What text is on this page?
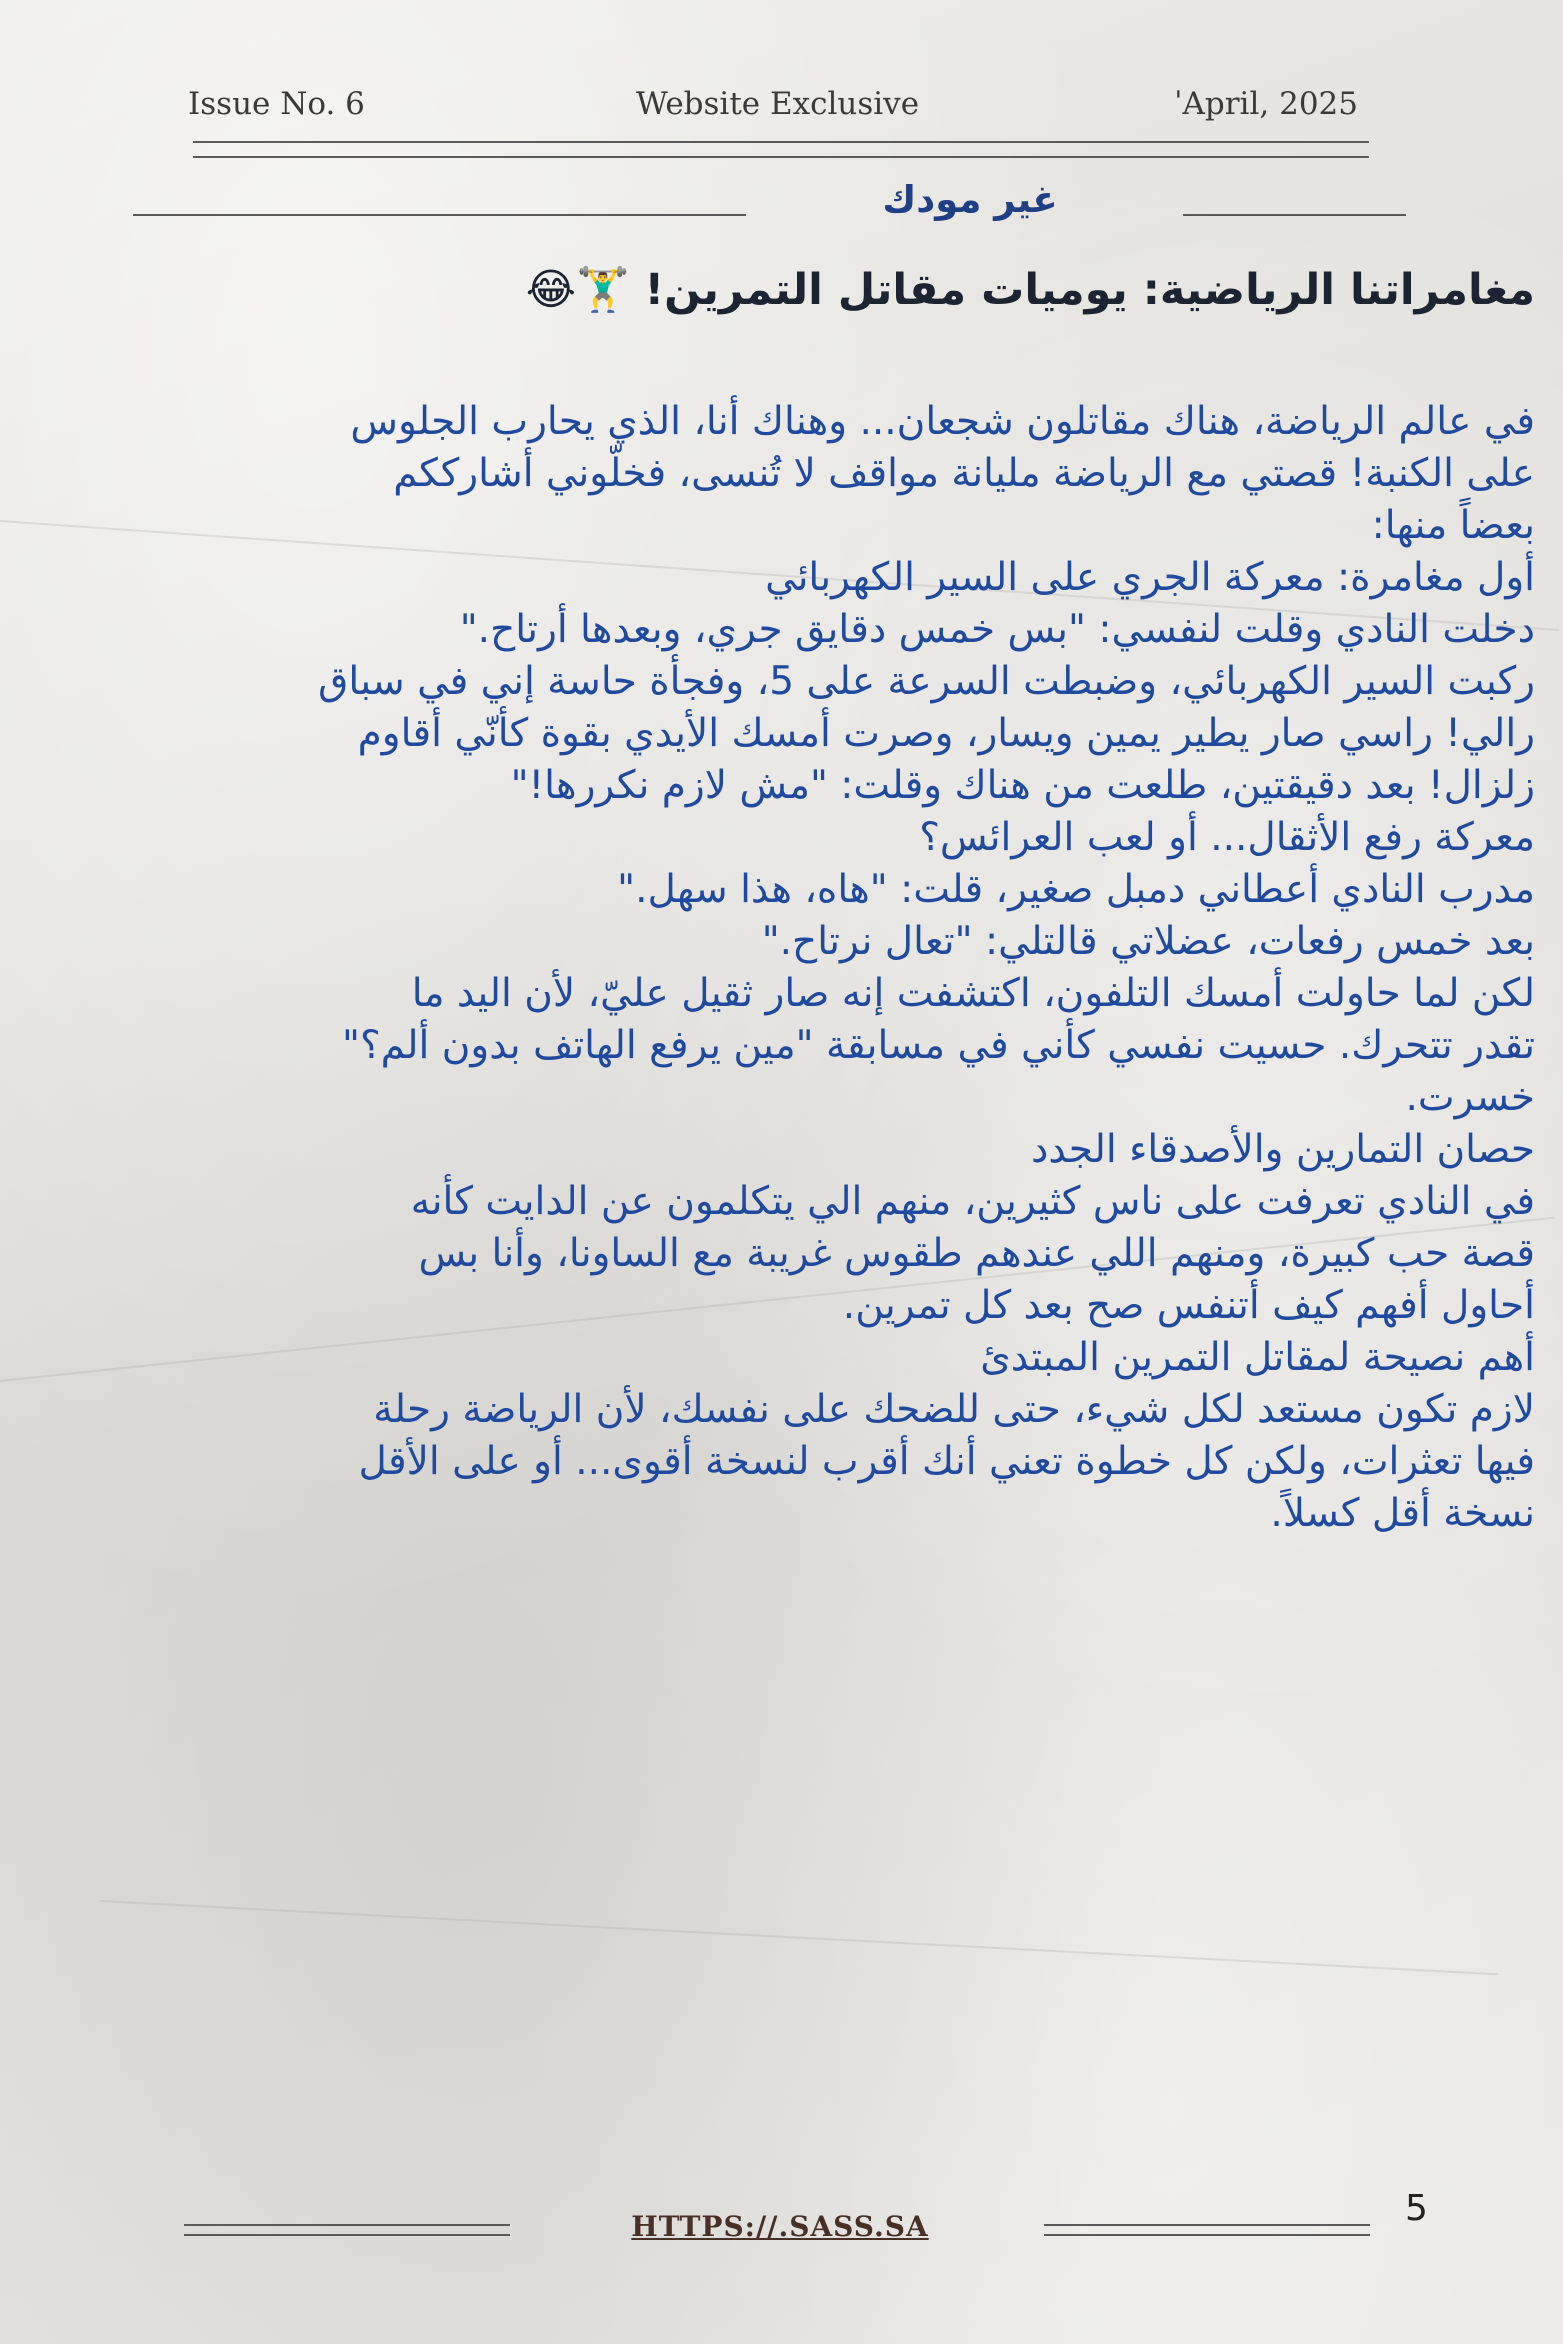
Issue No. 6	Website Exclusive	ˈApril, 2025
غير مودك
مغامراتنا الرياضية: يوميات مقاتل التمرين! 🏋️‍♂️😂

في عالم الرياضة، هناك مقاتلون شجعان... وهناك أنا، الذي يحارب الجلوس

على الكنبة! قصتي مع الرياضة مليانة مواقف لا تُنسى، فخلّوني أشارككم

بعضاً منها:

أول مغامرة: معركة الجري على السير الكهربائي

دخلت النادي وقلت لنفسي: "بس خمس دقايق جري، وبعدها أرتاح."

ركبت السير الكهربائي، وضبطت السرعة على 5، وفجأة حاسة إني في سباق

رالي! راسي صار يطير يمين ويسار، وصرت أمسك الأيدي بقوة كأنّي أقاوم

زلزال! بعد دقيقتين، طلعت من هناك وقلت: "مش لازم نكررها!"

معركة رفع الأثقال... أو لعب العرائس؟

مدرب النادي أعطاني دمبل صغير، قلت: "هاه، هذا سهل."

بعد خمس رفعات، عضلاتي قالتلي: "تعال نرتاح."

لكن لما حاولت أمسك التلفون، اكتشفت إنه صار ثقيل عليّ، لأن اليد ما

تقدر تتحرك. حسيت نفسي كأني في مسابقة "مين يرفع الهاتف بدون ألم؟"

خسرت.

حصان التمارين والأصدقاء الجدد

في النادي تعرفت على ناس كثيرين، منهم الي يتكلمون عن الدايت كأنه

قصة حب كبيرة، ومنهم اللي عندهم طقوس غريبة مع الساونا، وأنا بس

أحاول أفهم كيف أتنفس صح بعد كل تمرين.

أهم نصيحة لمقاتل التمرين المبتدئ

لازم تكون مستعد لكل شيء، حتى للضحك على نفسك، لأن الرياضة رحلة

فيها تعثرات، ولكن كل خطوة تعني أنك أقرب لنسخة أقوى... أو على الأقل

نسخة أقل كسلاً.

HTTPS://.SASS.SA	5
